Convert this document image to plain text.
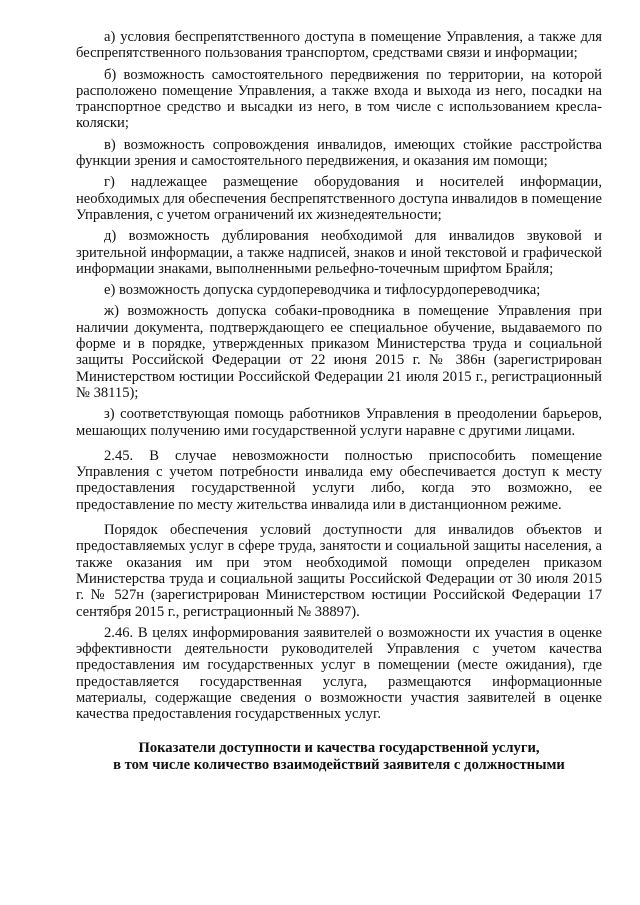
а) условия беспрепятственного доступа в помещение Управления, а также для беспрепятственного пользования транспортом, средствами связи и информации;

б) возможность самостоятельного передвижения по территории, на которой расположено помещение Управления, а также входа и выхода из него, посадки на транспортное средство и высадки из него, в том числе с использованием кресла-коляски;

в) возможность сопровождения инвалидов, имеющих стойкие расстройства функции зрения и самостоятельного передвижения, и оказания им помощи;

г) надлежащее размещение оборудования и носителей информации, необходимых для обеспечения беспрепятственного доступа инвалидов в помещение Управления, с учетом ограничений их жизнедеятельности;

д) возможность дублирования необходимой для инвалидов звуковой и зрительной информации, а также надписей, знаков и иной текстовой и графической информации знаками, выполненными рельефно-точечным шрифтом Брайля;

е) возможность допуска сурдопереводчика и тифлосурдопереводчика;

ж) возможность допуска собаки-проводника в помещение Управления при наличии документа, подтверждающего ее специальное обучение, выдаваемого по форме и в порядке, утвержденных приказом Министерства труда и социальной защиты Российской Федерации от 22 июня 2015 г. № 386н (зарегистрирован Министерством юстиции Российской Федерации 21 июля 2015 г., регистрационный № 38115);

з) соответствующая помощь работников Управления в преодолении барьеров, мешающих получению ими государственной услуги наравне с другими лицами.

2.45. В случае невозможности полностью приспособить помещение Управления с учетом потребности инвалида ему обеспечивается доступ к месту предоставления государственной услуги либо, когда это возможно, ее предоставление по месту жительства инвалида или в дистанционном режиме.

Порядок обеспечения условий доступности для инвалидов объектов и предоставляемых услуг в сфере труда, занятости и социальной защиты населения, а также оказания им при этом необходимой помощи определен приказом Министерства труда и социальной защиты Российской Федерации от 30 июля 2015 г. № 527н (зарегистрирован Министерством юстиции Российской Федерации 17 сентября 2015 г., регистрационный № 38897).

2.46. В целях информирования заявителей о возможности их участия в оценке эффективности деятельности руководителей Управления с учетом качества предоставления им государственных услуг в помещении (месте ожидания), где предоставляется государственная услуга, размещаются информационные материалы, содержащие сведения о возможности участия заявителей в оценке качества предоставления государственных услуг.

Показатели доступности и качества государственной услуги,
в том числе количество взаимодействий заявителя с должностными
